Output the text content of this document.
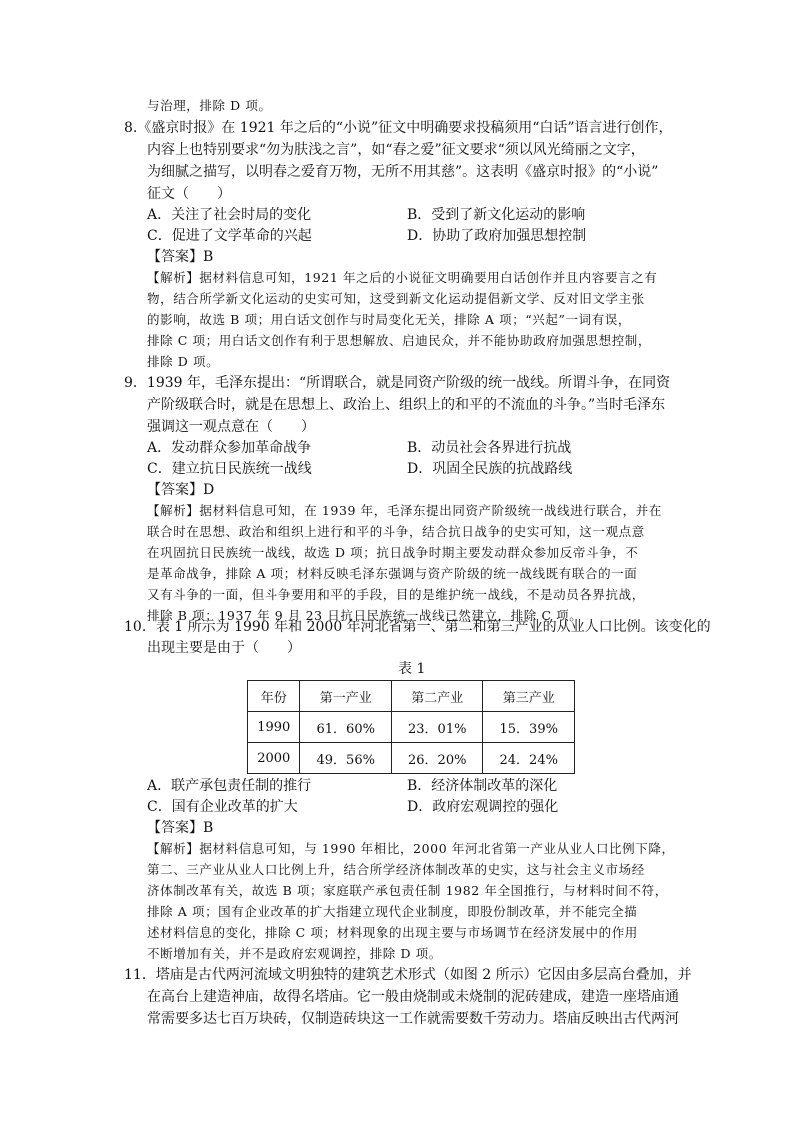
与治理，排除 D 项。
8.《盛京时报》在 1921 年之后的“小说”征文中明确要求投稿须用“白话”语言进行创作，
内容上也特别要求“勿为肤浅之言”，如“春之爱”征文要求“须以风光绮丽之文字，
为细腻之描写，以明春之爱育万物，无所不用其慈”。这表明《盛京时报》的“小说”
征文（　　）
A．关注了社会时局的变化	B．受到了新文化运动的影响
C．促进了文学革命的兴起	D．协助了政府加强思想控制
【答案】B
【解析】据材料信息可知，1921 年之后的小说征文明确要用白话创作并且内容要言之有
物，结合所学新文化运动的史实可知，这受到新文化运动提倡新文学、反对旧文学主张
的影响，故选 B 项；用白话文创作与时局变化无关，排除 A 项；“兴起”一词有误，
排除 C 项；用白话文创作有利于思想解放、启迪民众，并不能协助政府加强思想控制，
排除 D 项。
9．1939 年，毛泽东提出：“所谓联合，就是同资产阶级的统一战线。所谓斗争，在同资
产阶级联合时，就是在思想上、政治上、组织上的和平的不流血的斗争。”当时毛泽东
强调这一观点意在（　　）
A．发动群众参加革命战争	B．动员社会各界进行抗战
C．建立抗日民族统一战线	D．巩固全民族的抗战路线
【答案】D
【解析】据材料信息可知，在 1939 年，毛泽东提出同资产阶级统一战线进行联合，并在
联合时在思想、政治和组织上进行和平的斗争，结合抗日战争的史实可知，这一观点意
在巩固抗日民族统一战线，故选 D 项；抗日战争时期主要发动群众参加反帝斗争，不
是革命战争，排除 A 项；材料反映毛泽东强调与资产阶级的统一战线既有联合的一面
又有斗争的一面，但斗争要用和平的手段，目的是维护统一战线，不是动员各界抗战，
排除 B 项；1937 年 9 月 23 日抗日民族统一战线已然建立，排除 C 项。
10．表 1 所示为 1990 年和 2000 年河北省第一、第二和第三产业的从业人口比例。该变化的
出现主要是由于（　　）
表 1
年份	第一产业	第二产业	第三产业
1990	61．60%	23．01%	15．39%
2000	49．56%	26．20%	24．24%
A．联产承包责任制的推行	B．经济体制改革的深化
C．国有企业改革的扩大	D．政府宏观调控的强化
【答案】B
【解析】据材料信息可知，与 1990 年相比，2000 年河北省第一产业从业人口比例下降，
第二、三产业从业人口比例上升，结合所学经济体制改革的史实，这与社会主义市场经
济体制改革有关，故选 B 项；家庭联产承包责任制 1982 年全国推行，与材料时间不符，
排除 A 项；国有企业改革的扩大指建立现代企业制度，即股份制改革，并不能完全描
述材料信息的变化，排除 C 项；材料现象的出现主要与市场调节在经济发展中的作用
不断增加有关，并不是政府宏观调控，排除 D 项。
11．塔庙是古代两河流域文明独特的建筑艺术形式（如图 2 所示）它因由多层高台叠加，并
在高台上建造神庙，故得名塔庙。它一般由烧制或未烧制的泥砖建成，建造一座塔庙通
常需要多达七百万块砖，仅制造砖块这一工作就需要数千劳动力。塔庙反映出古代两河
